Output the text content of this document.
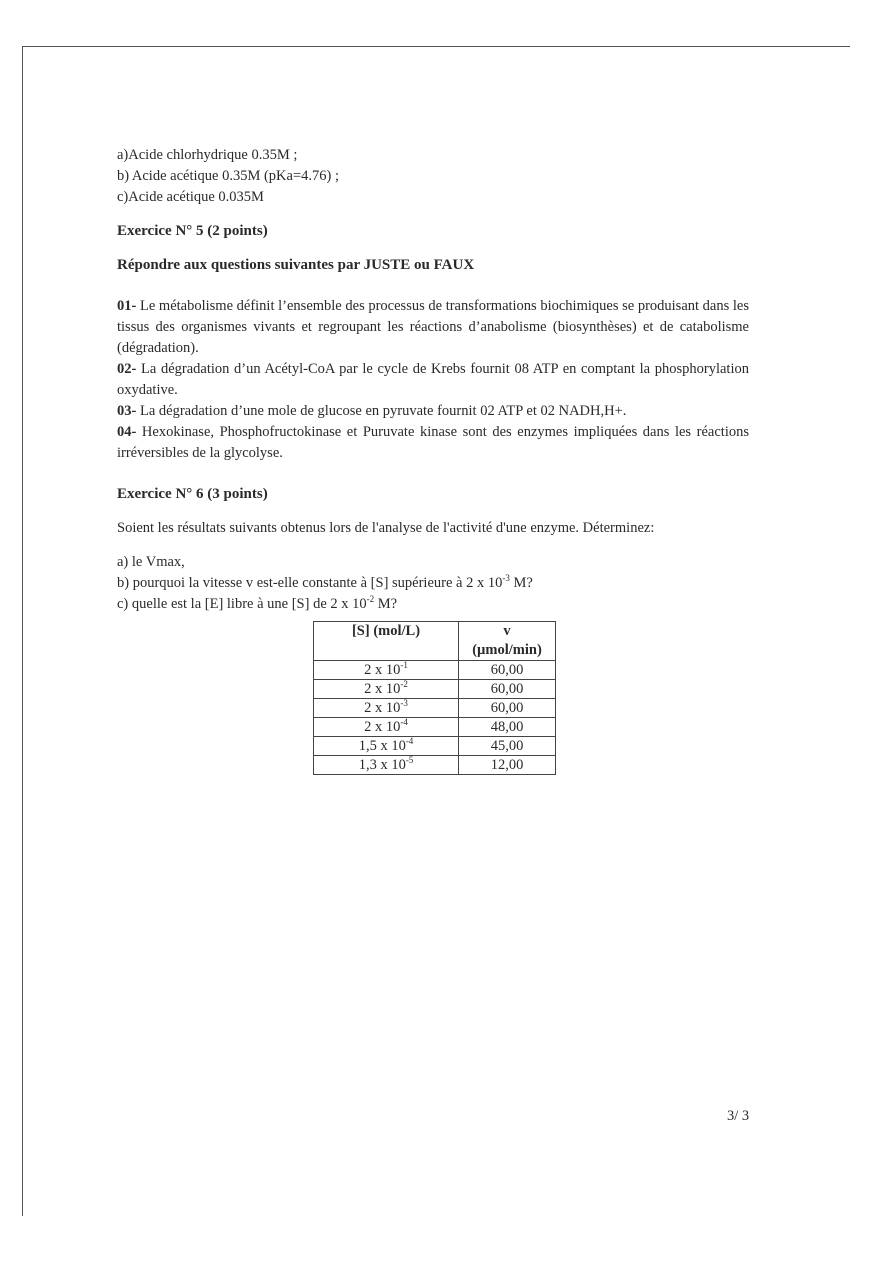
a)Acide chlorhydrique 0.35M ;

b) Acide acétique 0.35M (pKa=4.76) ;

c)Acide acétique 0.035M

Exercice N° 5 (2 points)

Répondre aux questions suivantes par JUSTE ou FAUX

01- Le métabolisme définit l’ensemble des processus de transformations biochimiques se produisant dans les tissus des organismes vivants et regroupant les réactions d’anabolisme (biosynthèses) et de catabolisme (dégradation).

02- La dégradation d’un Acétyl-CoA par le cycle de Krebs fournit 08 ATP en comptant la phosphorylation oxydative.

03- La dégradation d’une mole de glucose en pyruvate fournit 02 ATP et 02 NADH,H+.

04- Hexokinase, Phosphofructokinase et Puruvate kinase sont des enzymes impliquées dans les réactions irréversibles de la glycolyse.

Exercice N° 6 (3 points)

Soient les résultats suivants obtenus lors de l'analyse de l'activité d'une enzyme. Déterminez:

a) le Vmax,

b) pourquoi la vitesse v est-elle constante à [S] supérieure à 2 x $10^{-3}$ M?

c) quelle est la [E] libre à une [S] de 2 x $10^{-2}$ M?

[S] (mol/L)	v
(µmol/min)
2 x $10^{-1}$	60,00
2 x $10^{-2}$	60,00
2 x $10^{-3}$	60,00
2 x $10^{-4}$	48,00
1,5 x $10^{-4}$	45,00
1,3 x $10^{-5}$	12,00
3/ 3
